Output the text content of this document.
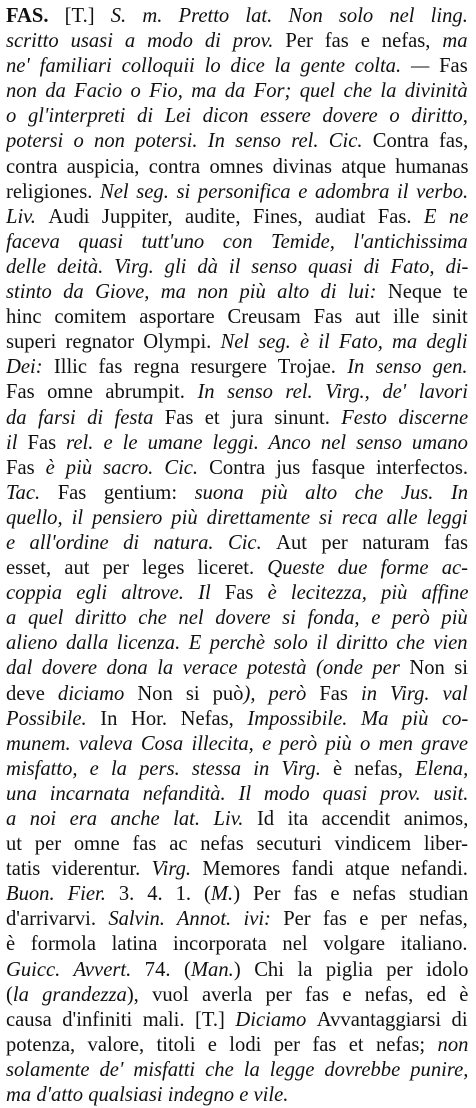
FAS. [T.] S. m. Pretto lat. Non solo nel ling.
scritto usasi a modo di prov. Per fas e nefas, ma
ne' familiari colloquii lo dice la gente colta. — Fas
non da Facio o Fio, ma da For; quel che la divinità
o gl'interpreti di Lei dicon essere dovere o diritto,
potersi o non potersi. In senso rel. Cic. Contra fas,
contra auspicia, contra omnes divinas atque humanas
religiones. Nel seg. si personifica e adombra il verbo.
Liv. Audi Juppiter, audite, Fines, audiat Fas. E ne
faceva quasi tutt'uno con Temide, l'antichissima
delle deità. Virg. gli dà il senso quasi di Fato, di-
stinto da Giove, ma non più alto di lui: Neque te
hinc comitem asportare Creusam Fas aut ille sinit
superi regnator Olympi. Nel seg. è il Fato, ma degli
Dei: Illic fas regna resurgere Trojae. In senso gen.
Fas omne abrumpit. In senso rel. Virg., de' lavori
da farsi di festa Fas et jura sinunt. Festo discerne
il Fas rel. e le umane leggi. Anco nel senso umano
Fas è più sacro. Cic. Contra jus fasque interfectos.
Tac. Fas gentium: suona più alto che Jus. In
quello, il pensiero più direttamente si reca alle leggi
e all'ordine di natura. Cic. Aut per naturam fas
esset, aut per leges liceret. Queste due forme ac-
coppia egli altrove. Il Fas è lecitezza, più affine
a quel diritto che nel dovere si fonda, e però più
alieno dalla licenza. E perchè solo il diritto che vien
dal dovere dona la verace potestà (onde per Non si
deve diciamo Non si può), però Fas in Virg. val
Possibile. In Hor. Nefas, Impossibile. Ma più co-
munem. valeva Cosa illecita, e però più o men grave
misfatto, e la pers. stessa in Virg. è nefas, Elena,
una incarnata nefandità. Il modo quasi prov. usit.
a noi era anche lat. Liv. Id ita accendit animos,
ut per omne fas ac nefas secuturi vindicem liber-
tatis viderentur. Virg. Memores fandi atque nefandi.
Buon. Fier. 3. 4. 1. (M.) Per fas e nefas studian
d'arrivarvi. Salvin. Annot. ivi: Per fas e per nefas,
è formola latina incorporata nel volgare italiano.
Guicc. Avvert. 74. (Man.) Chi la piglia per idolo
(la grandezza), vuol averla per fas e nefas, ed è
causa d'infiniti mali. [T.] Diciamo Avvantaggiarsi di
potenza, valore, titoli e lodi per fas et nefas; non
solamente de' misfatti che la legge dovrebbe punire,
ma d'atto qualsiasi indegno e vile.
